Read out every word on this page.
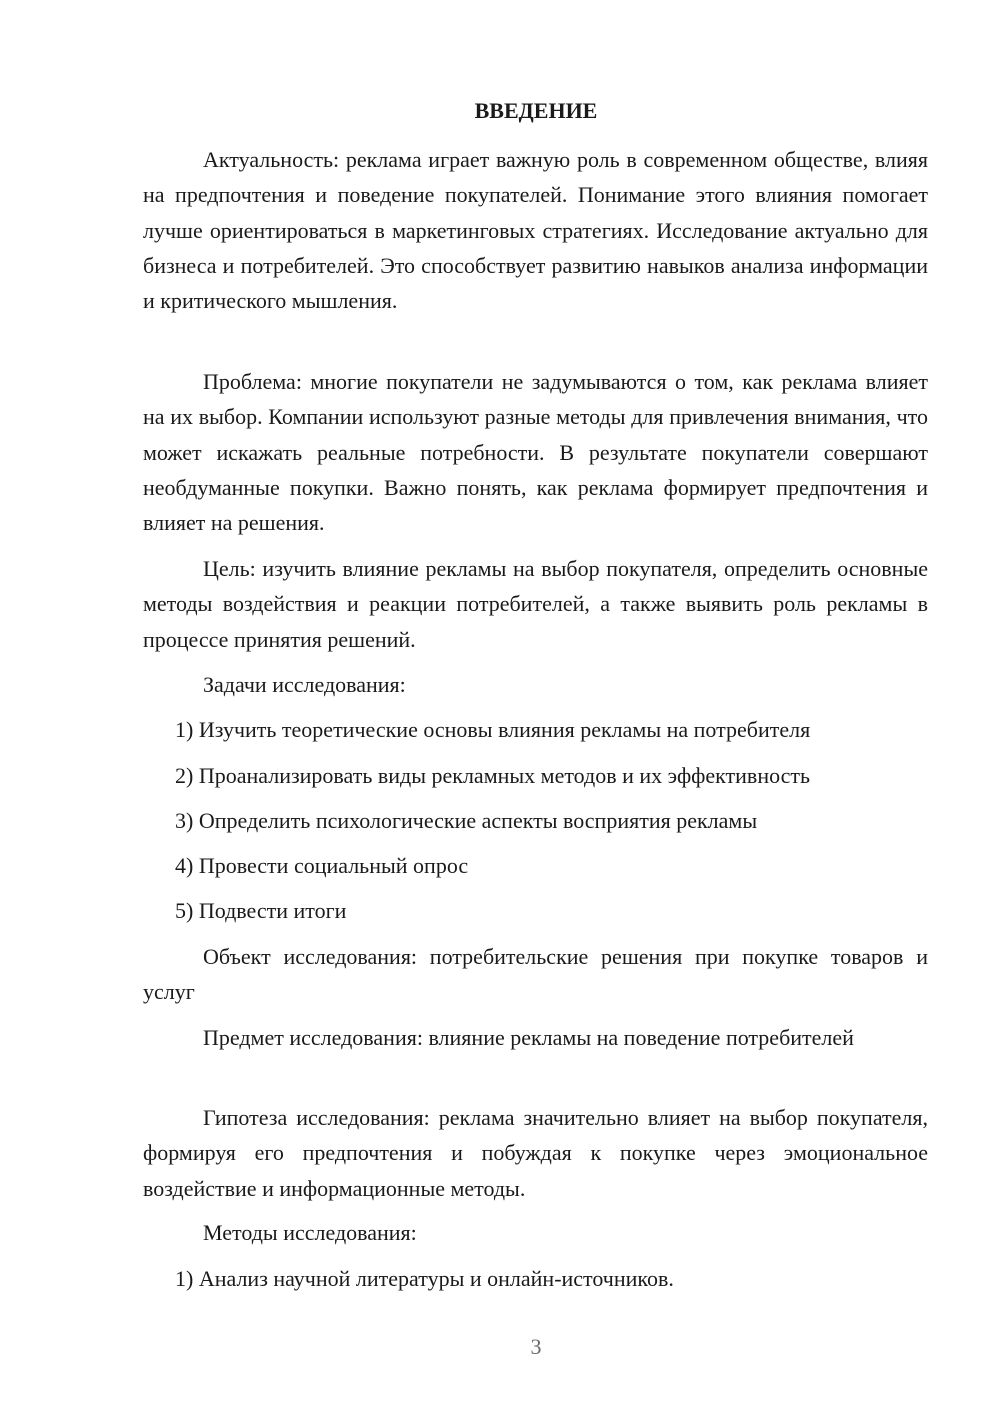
ВВЕДЕНИЕ

Актуальность: реклама играет важную роль в современном обществе, влияя на предпочтения и поведение покупателей. Понимание этого влияния помогает лучше ориентироваться в маркетинговых стратегиях. Исследование актуально для бизнеса и потребителей. Это способствует развитию навыков анализа информации и критического мышления.

Проблема: многие покупатели не задумываются о том, как реклама влияет на их выбор. Компании используют разные методы для привлечения внимания, что может искажать реальные потребности. В результате покупатели совершают необдуманные покупки. Важно понять, как реклама формирует предпочтения и влияет на решения.

Цель: изучить влияние рекламы на выбор покупателя, определить основные методы воздействия и реакции потребителей, а также выявить роль рекламы в процессе принятия решений.

Задачи исследования:

1) Изучить теоретические основы влияния рекламы на потребителя

2) Проанализировать виды рекламных методов и их эффективность

3) Определить психологические аспекты восприятия рекламы

4) Провести социальный опрос

5) Подвести итоги

Объект исследования: потребительские решения при покупке товаров и услуг

Предмет исследования: влияние рекламы на поведение потребителей

Гипотеза исследования: реклама значительно влияет на выбор покупателя, формируя его предпочтения и побуждая к покупке через эмоциональное воздействие и информационные методы.

Методы исследования:

1) Анализ научной литературы и онлайн-источников.

3
